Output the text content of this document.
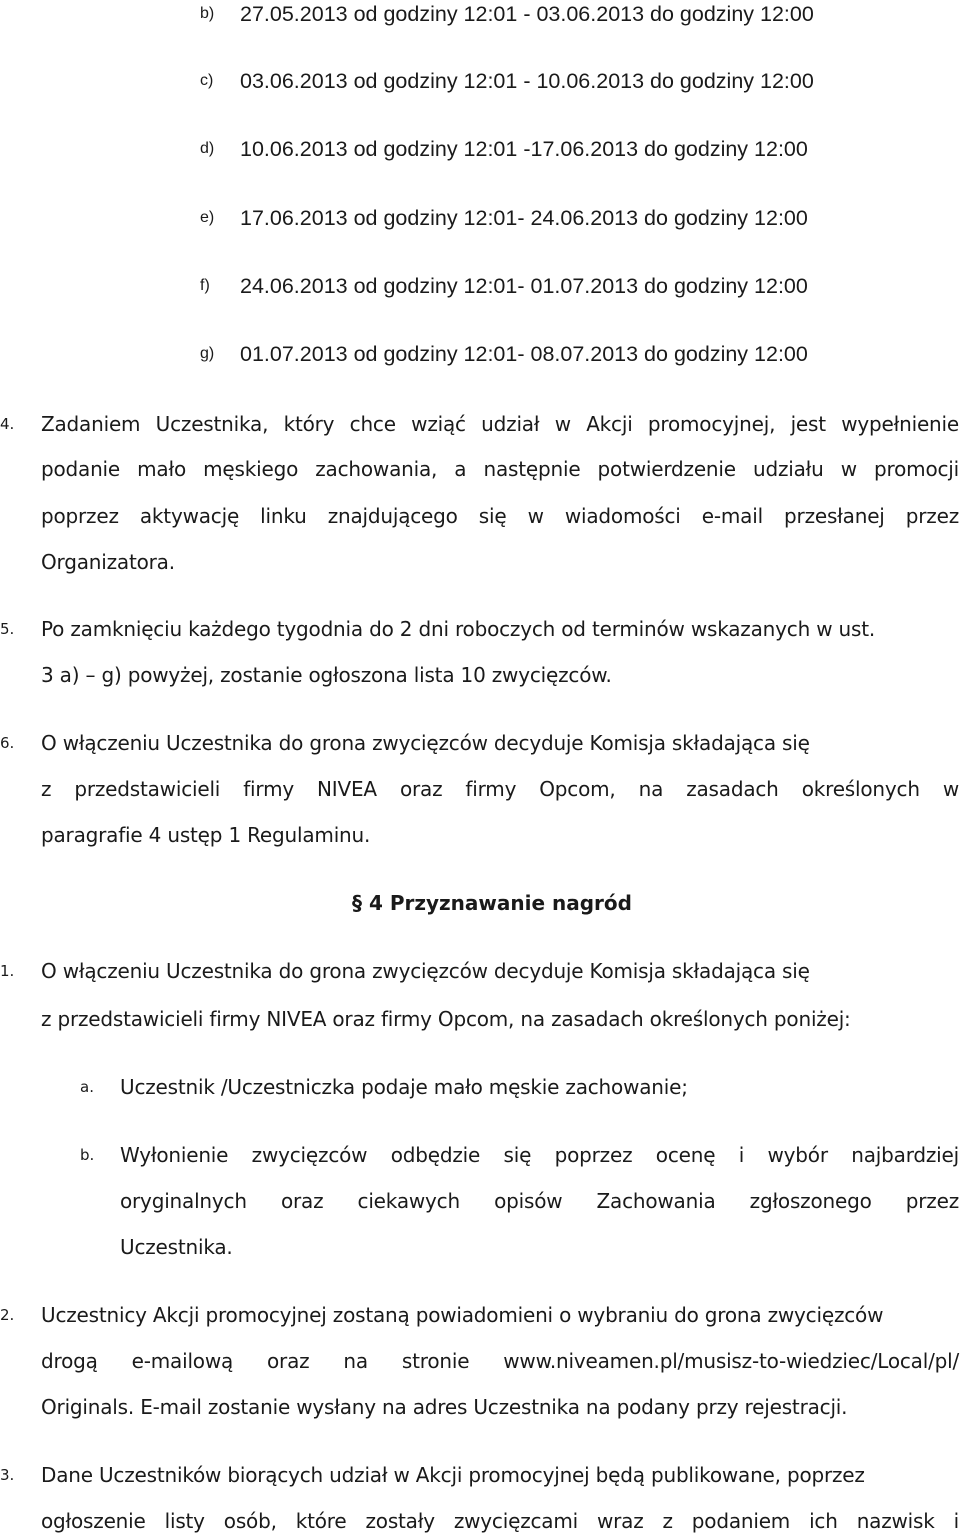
b) 27.05.2013 od godziny 12:01 - 03.06.2013 do godziny 12:00
c) 03.06.2013 od godziny 12:01 - 10.06.2013 do godziny 12:00
d) 10.06.2013 od godziny 12:01 -17.06.2013 do godziny 12:00
e) 17.06.2013 od godziny 12:01- 24.06.2013 do godziny 12:00
f) 24.06.2013 od godziny 12:01- 01.07.2013 do godziny 12:00
g) 01.07.2013 od godziny 12:01- 08.07.2013 do godziny 12:00
4. Zadaniem Uczestnika, który chce wziąć udział w Akcji promocyjnej, jest wypełnienie
podanie mało męskiego zachowania, a następnie potwierdzenie udziału w promocji
poprzez aktywację linku znajdującego się w wiadomości e-mail przesłanej przez
Organizatora.
5. Po zamknięciu każdego tygodnia do 2 dni roboczych od terminów wskazanych w ust.
3 a) – g) powyżej, zostanie ogłoszona lista 10 zwycięzców.
6. O włączeniu Uczestnika do grona zwycięzców decyduje Komisja składająca się
z przedstawicieli firmy NIVEA oraz firmy Opcom, na zasadach określonych w
paragrafie 4 ustęp 1 Regulaminu.
§ 4 Przyznawanie nagród
1. O włączeniu Uczestnika do grona zwycięzców decyduje Komisja składająca się
z przedstawicieli firmy NIVEA oraz firmy Opcom, na zasadach określonych poniżej:
a. Uczestnik /Uczestniczka podaje mało męskie zachowanie;
b. Wyłonienie zwycięzców odbędzie się poprzez ocenę i wybór najbardziej
oryginalnych oraz ciekawych opisów Zachowania zgłoszonego przez
Uczestnika.
2. Uczestnicy Akcji promocyjnej zostaną powiadomieni o wybraniu do grona zwycięzców
drogą e-mailową oraz na stronie www.niveamen.pl/musisz-to-wiedziec/Local/pl/
Originals. E-mail zostanie wysłany na adres Uczestnika na podany przy rejestracji.
3. Dane Uczestników biorących udział w Akcji promocyjnej będą publikowane, poprzez
ogłoszenie listy osób, które zostały zwycięzcami wraz z podaniem ich nazwisk i
